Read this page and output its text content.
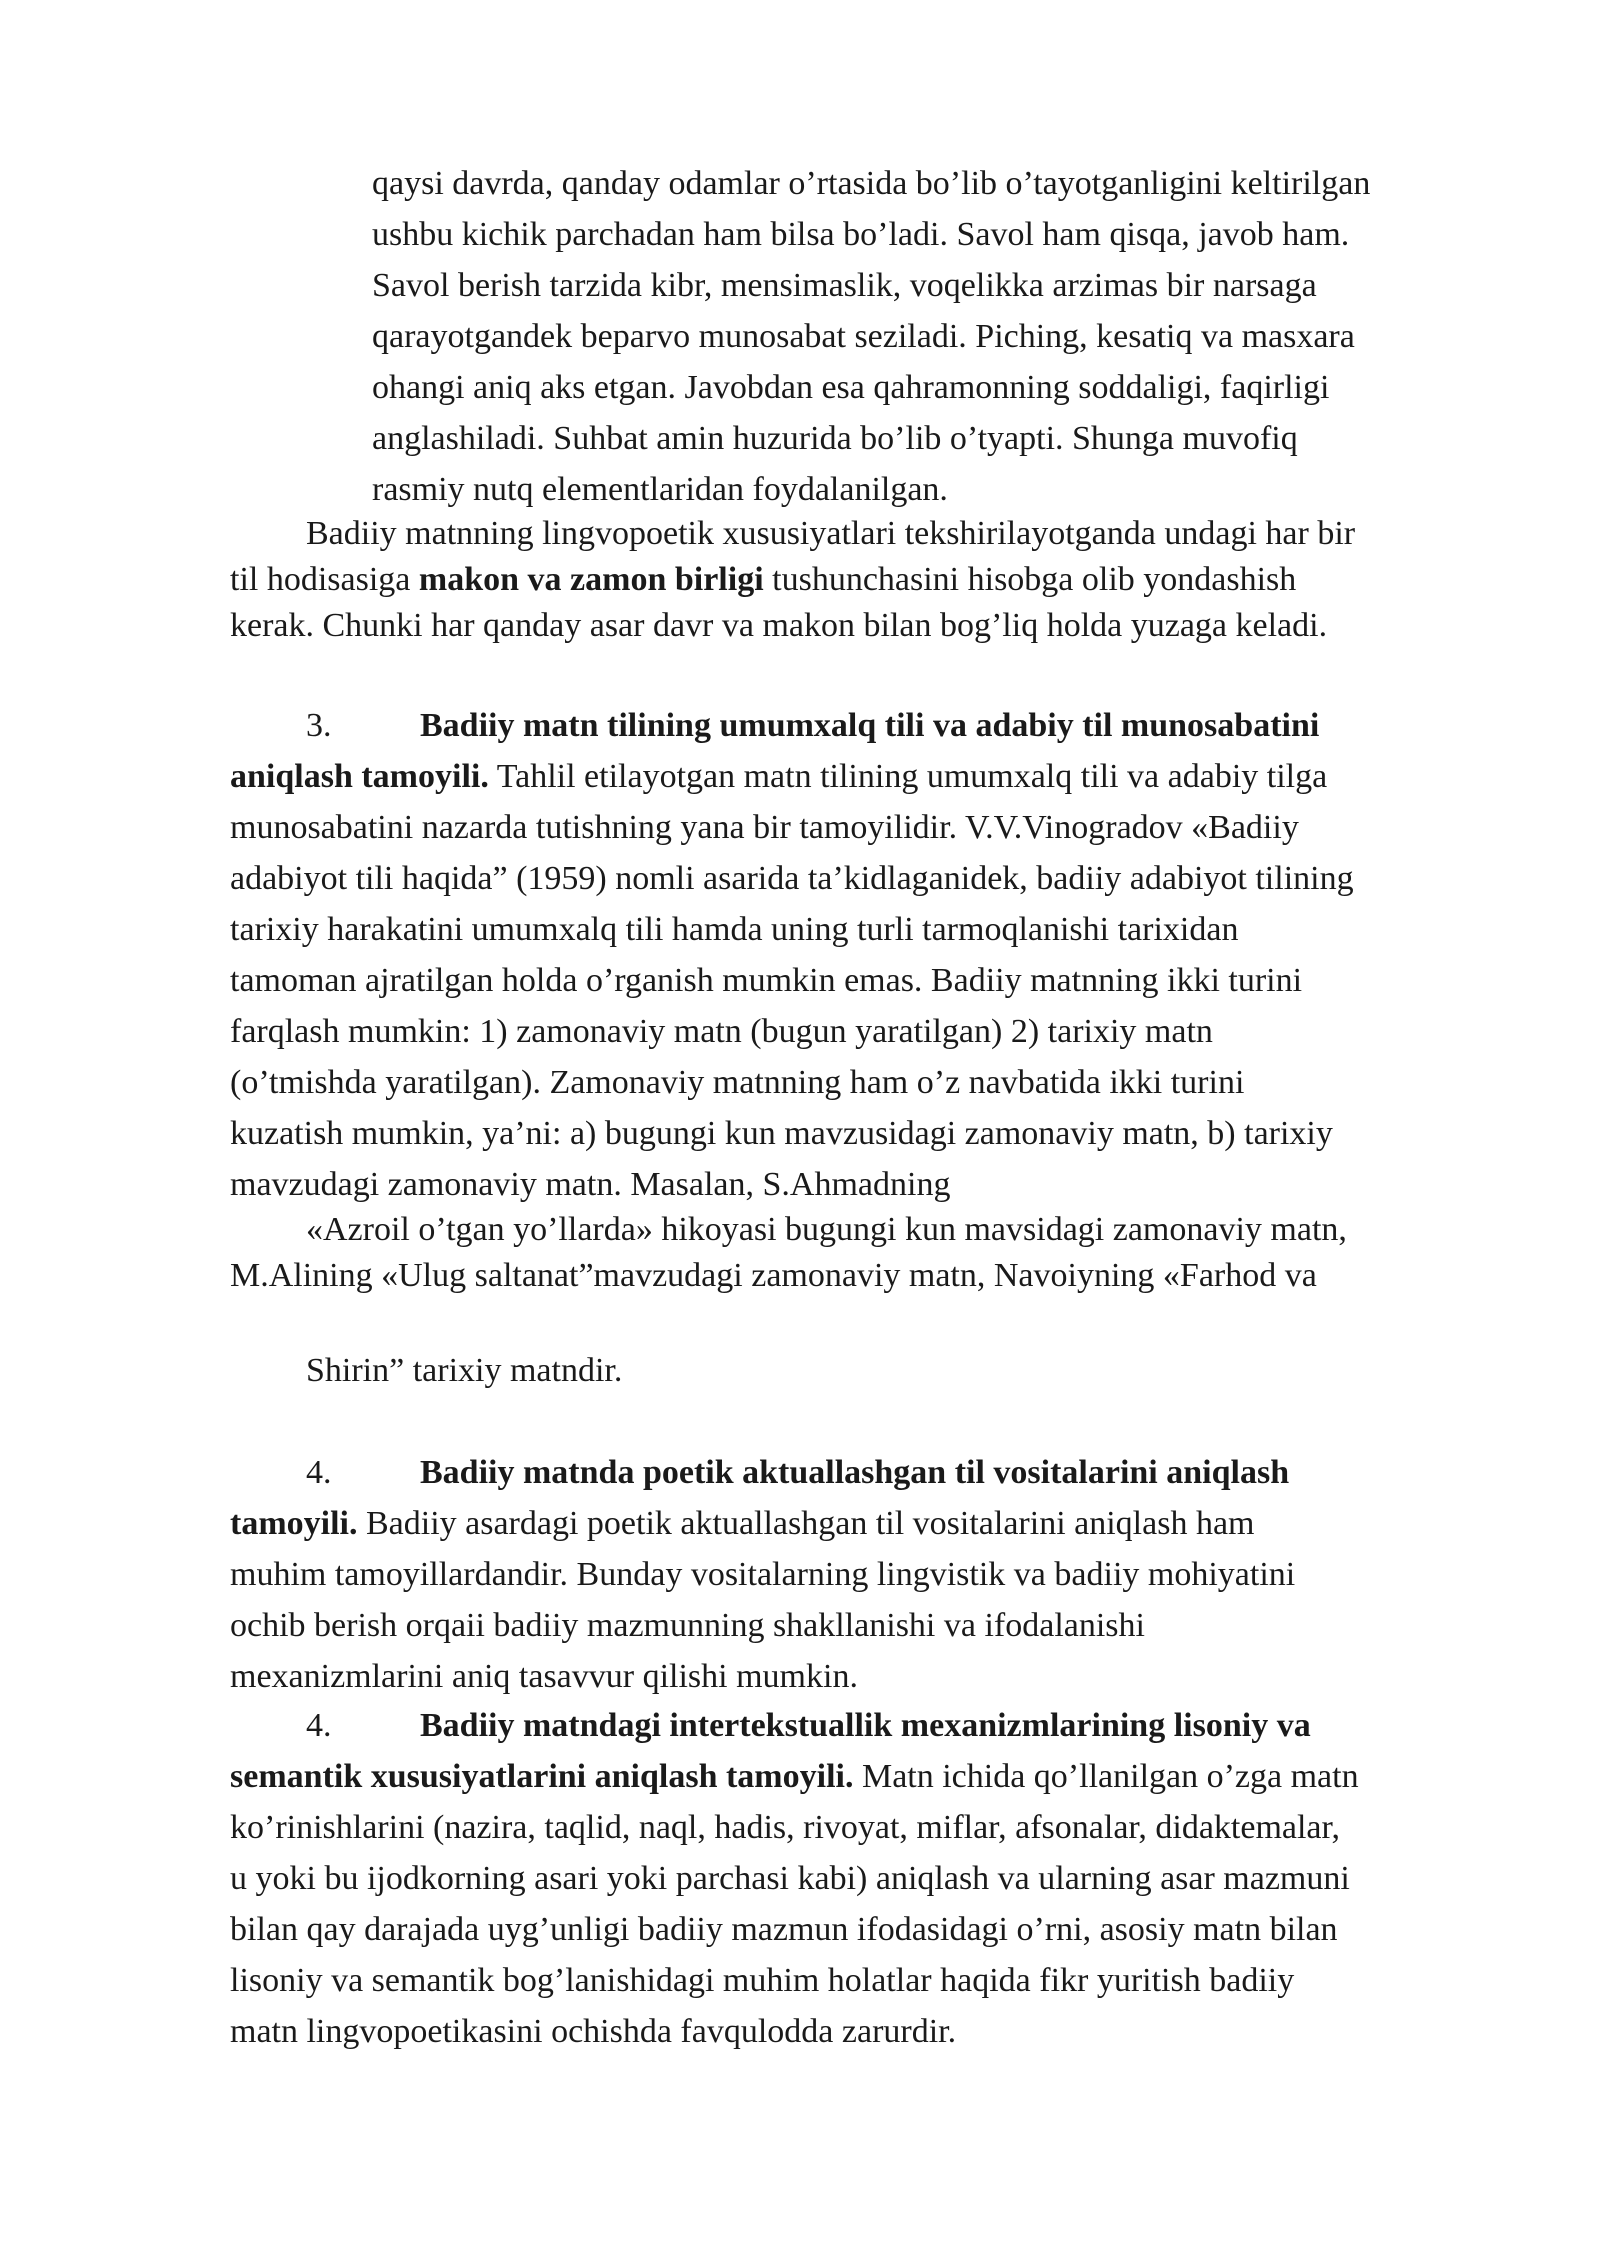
qaysi davrda, qanday odamlar o’rtasida bo’lib o’tayotganligini keltirilgan
ushbu kichik parchadan ham bilsa bo’ladi. Savol ham qisqa, javob ham.
Savol berish tarzida kibr, mensimaslik, voqelikka arzimas bir narsaga
qarayotgandek beparvo munosabat seziladi. Piching, kesatiq va masxara
ohangi aniq aks etgan. Javobdan esa qahramonning soddaligi, faqirligi
anglashiladi. Suhbat amin huzurida bo’lib o’tyapti. Shunga muvofiq
rasmiy nutq elementlaridan foydalanilgan.
Badiiy matnning lingvopoetik xususiyatlari tekshirilayotganda undagi har bir
til hodisasiga makon va zamon birligi tushunchasini hisobga olib yondashish
kerak. Chunki har qanday asar davr va makon bilan bog’liq holda yuzaga keladi.
3.	Badiiy matn tilining umumxalq tili va adabiy til munosabatini
aniqlash tamoyili. Tahlil etilayotgan matn tilining umumxalq tili va adabiy tilga
munosabatini nazarda tutishning yana bir tamoyilidir. V.V.Vinogradov «Badiiy
adabiyot tili haqida” (1959) nomli asarida ta’kidlaganidek, badiiy adabiyot tilining
tarixiy harakatini umumxalq tili hamda uning turli tarmoqlanishi tarixidan
tamoman ajratilgan holda o’rganish mumkin emas. Badiiy matnning ikki turini
farqlash mumkin: 1) zamonaviy matn (bugun yaratilgan) 2) tarixiy matn
(o’tmishda yaratilgan). Zamonaviy matnning ham o’z navbatida ikki turini
kuzatish mumkin, ya’ni: a) bugungi kun mavzusidagi zamonaviy matn, b) tarixiy
mavzudagi zamonaviy matn. Masalan, S.Ahmadning
«Azroil o’tgan yo’llarda» hikoyasi bugungi kun mavsidagi zamonaviy matn,
M.Alining «Ulug saltanat”mavzudagi zamonaviy matn, Navoiyning «Farhod va
Shirin” tarixiy matndir.
4.	Badiiy matnda poetik aktuallashgan til vositalarini aniqlash
tamoyili. Badiiy asardagi poetik aktuallashgan til vositalarini aniqlash ham
muhim tamoyillardandir. Bunday vositalarning lingvistik va badiiy mohiyatini
ochib berish orqaii badiiy mazmunning shakllanishi va ifodalanishi
mexanizmlarini aniq tasavvur qilishi mumkin.
4.	Badiiy matndagi intertekstuallik mexanizmlarining lisoniy va
semantik xususiyatlarini aniqlash tamoyili. Matn ichida qo’llanilgan o’zga matn
ko’rinishlarini (nazira, taqlid, naql, hadis, rivoyat, miflar, afsonalar, didaktemalar,
u yoki bu ijodkorning asari yoki parchasi kabi) aniqlash va ularning asar mazmuni
bilan qay darajada uyg’unligi badiiy mazmun ifodasidagi o’rni, asosiy matn bilan
lisoniy va semantik bog’lanishidagi muhim holatlar haqida fikr yuritish badiiy
matn lingvopoetikasini ochishda favqulodda zarurdir.
